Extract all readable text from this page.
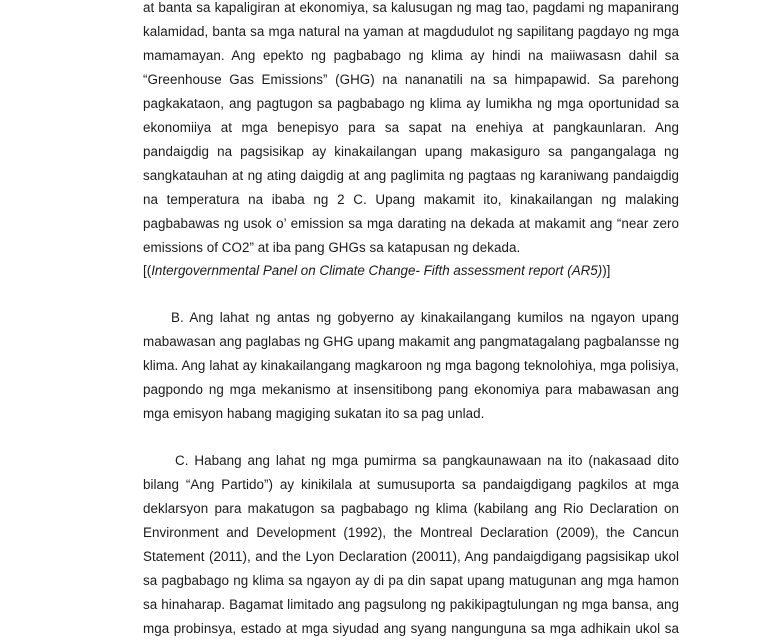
at banta sa kapaligiran at ekonomiya, sa kalusugan ng mag tao, pagdami ng mapanirang
kalamidad, banta sa mga natural na yaman at magdudulot ng sapilitang pagdayo ng mga
mamamayan. Ang epekto ng pagbabago ng klima ay hindi na maiiwasasn dahil sa
“Greenhouse Gas Emissions” (GHG) na nananatili na sa himpapawid. Sa parehong
pagkakataon, ang pagtugon sa pagbabago ng klima ay lumikha ng mga oportunidad sa
ekonomiiya at mga benepisyo para sa sapat na enehiya at pangkaunlaran. Ang
pandaigdig na pagsisikap ay kinakailangan upang makasiguro sa pangangalaga ng
sangkatauhan at ng ating daigdig at ang paglimita ng pagtaas ng karaniwang pandaigdig
na temperatura na ibaba ng 2 C. Upang makamit ito, kinakailangan ng malaking
pagbabawas ng usok o’ emission sa mga darating na dekada at makamit ang “near zero
emissions of CO2” at iba pang GHGs sa katapusan ng dekada.
[(Intergovernmental Panel on Climate Change- Fifth assessment report (AR5))]
B. Ang lahat ng antas ng gobyerno ay kinakailangang kumilos na ngayon upang
mabawasan ang paglabas ng GHG upang makamit ang pangmatagalang pagbalansse ng
klima. Ang lahat ay kinakailangang magkaroon ng mga bagong teknolohiya, mga polisiya,
pagpondo ng mga mekanismo at insensitibong pang ekonomiya para mabawasan ang
mga emisyon habang magiging sukatan ito sa pag unlad.
C. Habang ang lahat ng mga pumirma sa pangkaunawaan na ito (nakasaad dito
bilang “Ang Partido”) ay kinikilala at sumusuporta sa pandaigdigang pagkilos at mga
deklarsyon para makatugon sa pagbabago ng klima (kabilang ang Rio Declaration on
Environment and Development (1992), the Montreal Declaration (2009), the Cancun
Statement (2011), and the Lyon Declaration (20011), Ang pandaigdigang pagsisikap ukol
sa pagbabago ng klima sa ngayon ay di pa din sapat upang matugunan ang mga hamon
sa hinaharap. Bagamat limitado ang pagsulong ng pakikipagtulungan ng mga bansa, ang
mga probinsya, estado at mga siyudad ang syang nangunguna sa mga adhikain ukol sa
